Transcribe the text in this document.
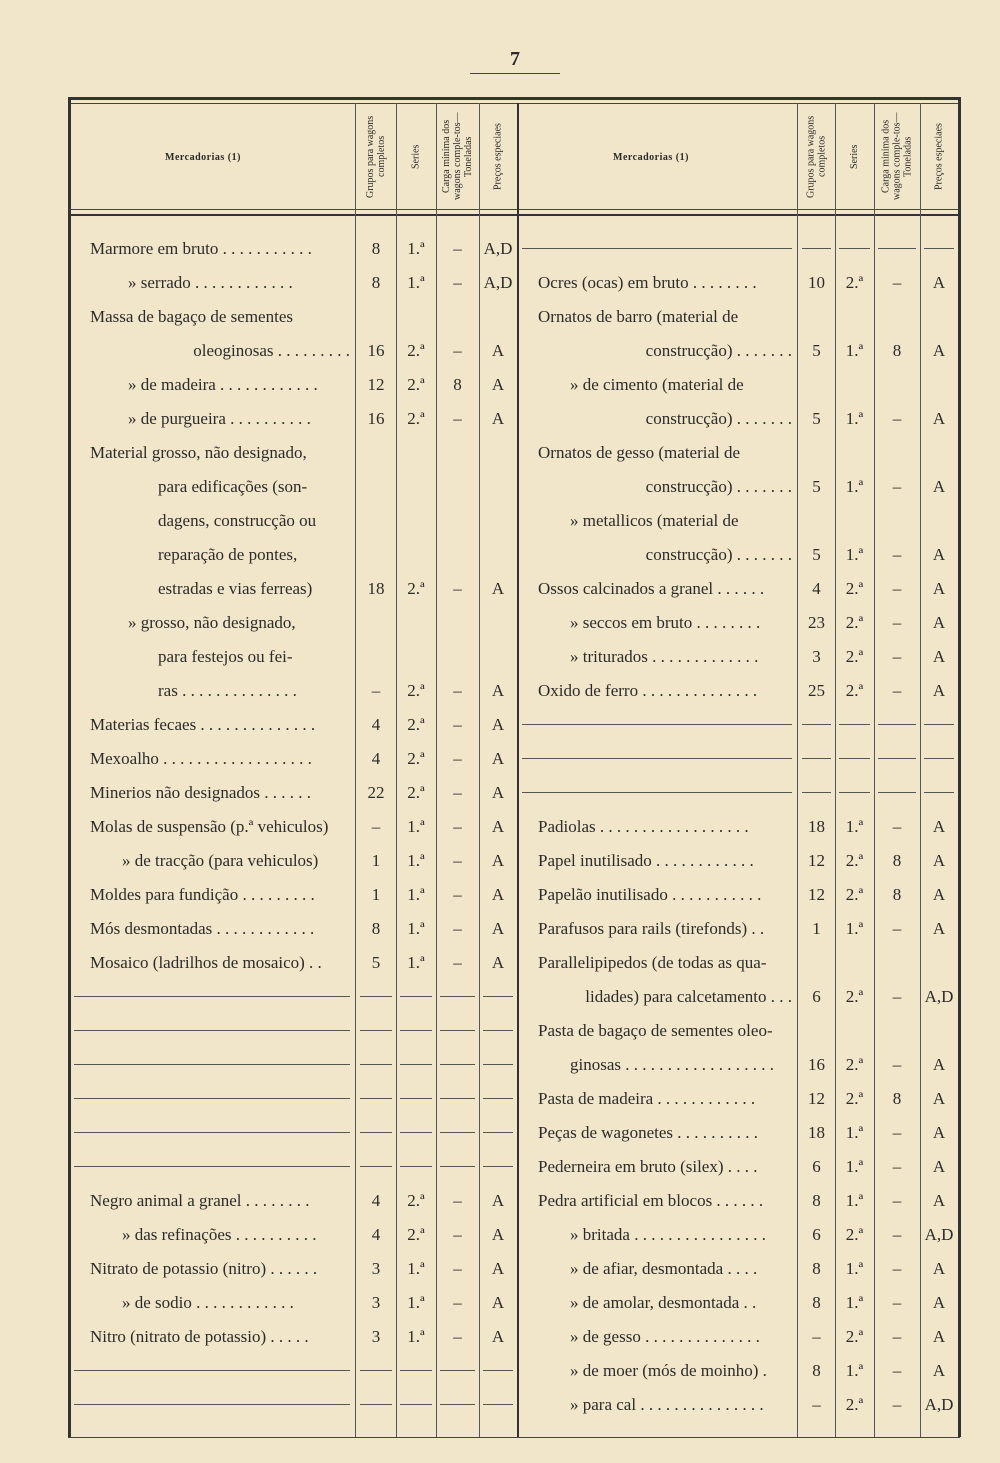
7
Mercadorias (1)	Grupos para wagons completos	Series	Carga minima dos wagons comple-tos—Toneladas	Preços especiaes	Mercadorias (1)	Grupos para wagons completos	Series	Carga minima dos wagons comple-tos—Toneladas	Preços especiaes
Marmore em bruto . . . . . . . . . . .	8	1.ª	–	A,D
» serrado . . . . . . . . . . . .	8	1.ª	–	A,D
Massa de bagaço de sementes
oleoginosas . . . . . . . . .	16	2.ª	–	A
» de madeira . . . . . . . . . . . .	12	2.ª	8	A
» de purgueira . . . . . . . . . .	16	2.ª	–	A
Material grosso, não designado,
para edificações (son-
dagens, construcção ou
reparação de pontes,
estradas e vias ferreas)	18	2.ª	–	A
» grosso, não designado,
para festejos ou fei-
ras . . . . . . . . . . . . . .	–	2.ª	–	A
Materias fecaes . . . . . . . . . . . . . .	4	2.ª	–	A
Mexoalho . . . . . . . . . . . . . . . . . .	4	2.ª	–	A
Minerios não designados . . . . . .	22	2.ª	–	A
Molas de suspensão (p.ª vehiculos)	–	1.ª	–	A
» de tracção (para vehiculos)	1	1.ª	–	A
Moldes para fundição . . . . . . . . .	1	1.ª	–	A
Mós desmontadas . . . . . . . . . . . .	8	1.ª	–	A
Mosaico (ladrilhos de mosaico) . .	5	1.ª	–	A
Negro animal a granel . . . . . . . .	4	2.ª	–	A
» das refinações . . . . . . . . . .	4	2.ª	–	A
Nitrato de potassio (nitro) . . . . . .	3	1.ª	–	A
» de sodio . . . . . . . . . . . .	3	1.ª	–	A
Nitro (nitrato de potassio) . . . . .	3	1.ª	–	A
Ocres (ocas) em bruto . . . . . . . .	10	2.ª	–	A
Ornatos de barro (material de
construcção) . . . . . . .	5	1.ª	8	A
» de cimento (material de
construcção) . . . . . . .	5	1.ª	–	A
Ornatos de gesso (material de
construcção) . . . . . . .	5	1.ª	–	A
» metallicos (material de
construcção) . . . . . . .	5	1.ª	–	A
Ossos calcinados a granel . . . . . .	4	2.ª	–	A
» seccos em bruto . . . . . . . .	23	2.ª	–	A
» triturados . . . . . . . . . . . . .	3	2.ª	–	A
Oxido de ferro . . . . . . . . . . . . . .	25	2.ª	–	A
Padiolas . . . . . . . . . . . . . . . . . .	18	1.ª	–	A
Papel inutilisado . . . . . . . . . . . .	12	2.ª	8	A
Papelão inutilisado . . . . . . . . . . .	12	2.ª	8	A
Parafusos para rails (tirefonds) . .	1	1.ª	–	A
Parallelipipedos (de todas as qua-
lidades) para calcetamento . . .	6	2.ª	–	A,D
Pasta de bagaço de sementes oleo-
ginosas . . . . . . . . . . . . . . . . . .	16	2.ª	–	A
Pasta de madeira . . . . . . . . . . . .	12	2.ª	8	A
Peças de wagonetes . . . . . . . . . .	18	1.ª	–	A
Pederneira em bruto (silex) . . . .	6	1.ª	–	A
Pedra artificial em blocos . . . . . .	8	1.ª	–	A
» britada . . . . . . . . . . . . . . . .	6	2.ª	–	A,D
» de afiar, desmontada . . . .	8	1.ª	–	A
» de amolar, desmontada . .	8	1.ª	–	A
» de gesso . . . . . . . . . . . . . .	–	2.ª	–	A
» de moer (mós de moinho) .	8	1.ª	–	A
» para cal . . . . . . . . . . . . . . .	–	2.ª	–	A,D
